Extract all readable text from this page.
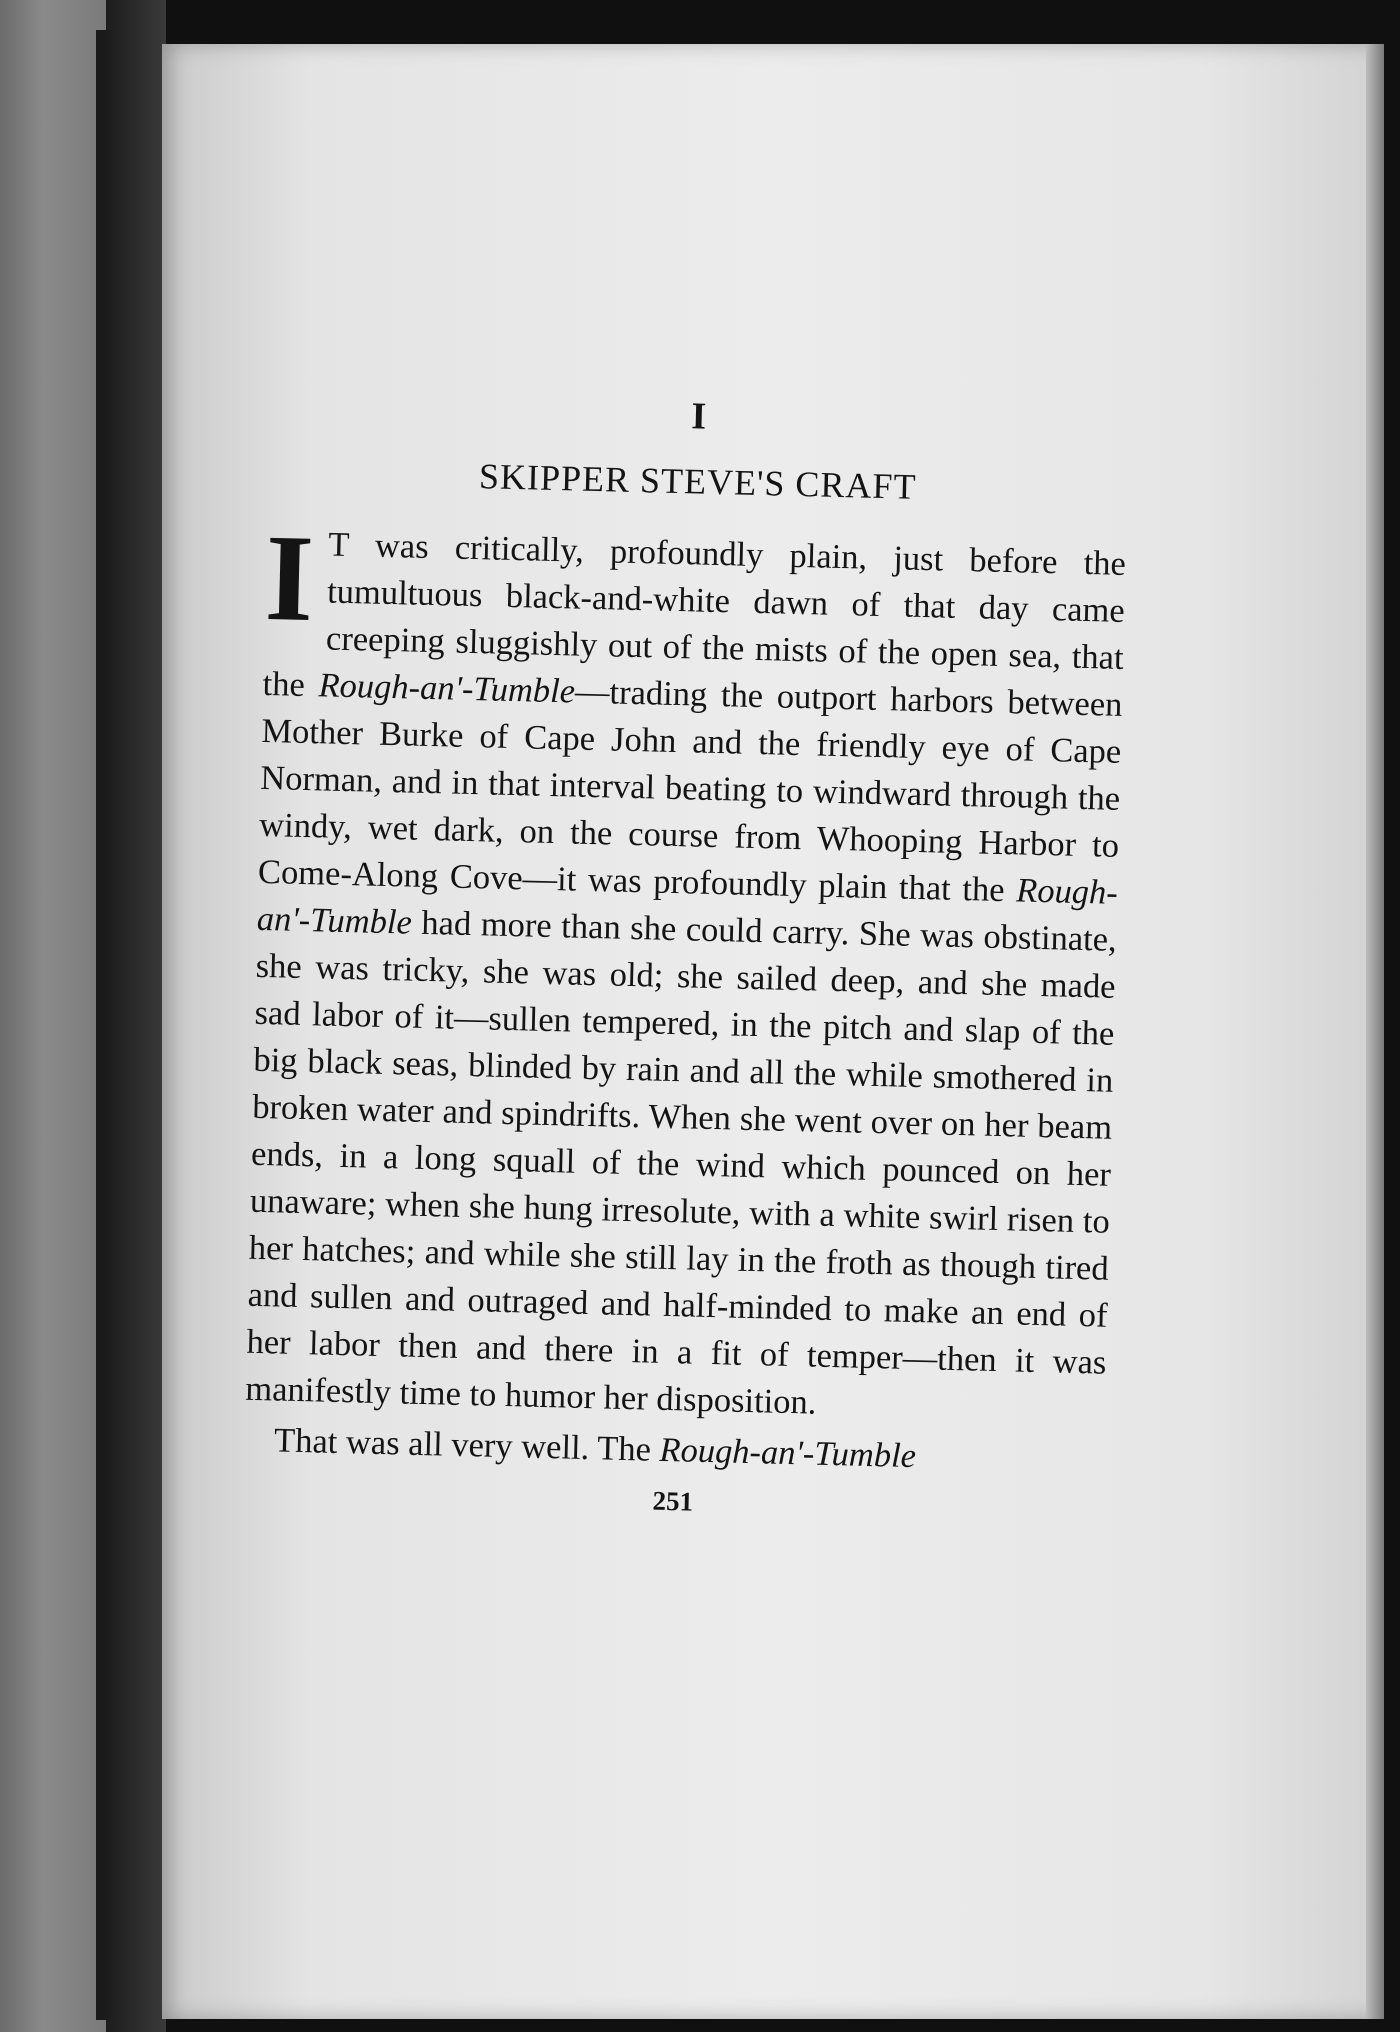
I
SKIPPER STEVE'S CRAFT

I T was critically, profoundly plain, just before the tumultuous black-and-white dawn of that day came creeping sluggishly out of the mists of the open sea, that the Rough-an'-Tumble—trading the outport harbors between Mother Burke of Cape John and the friendly eye of Cape Norman, and in that interval beating to windward through the windy, wet dark, on the course from Whooping Harbor to Come-Along Cove—it was profoundly plain that the Rough-an'-Tumble had more than she could carry. She was obstinate, she was tricky, she was old; she sailed deep, and she made sad labor of it—sullen tempered, in the pitch and slap of the big black seas, blinded by rain and all the while smothered in broken water and spindrifts. When she went over on her beam ends, in a long squall of the wind which pounced on her unaware; when she hung irresolute, with a white swirl risen to her hatches; and while she still lay in the froth as though tired and sullen and outraged and half-minded to make an end of her labor then and there in a fit of temper—then it was manifestly time to humor her disposition.

That was all very well. The Rough-an'-Tumble

251
